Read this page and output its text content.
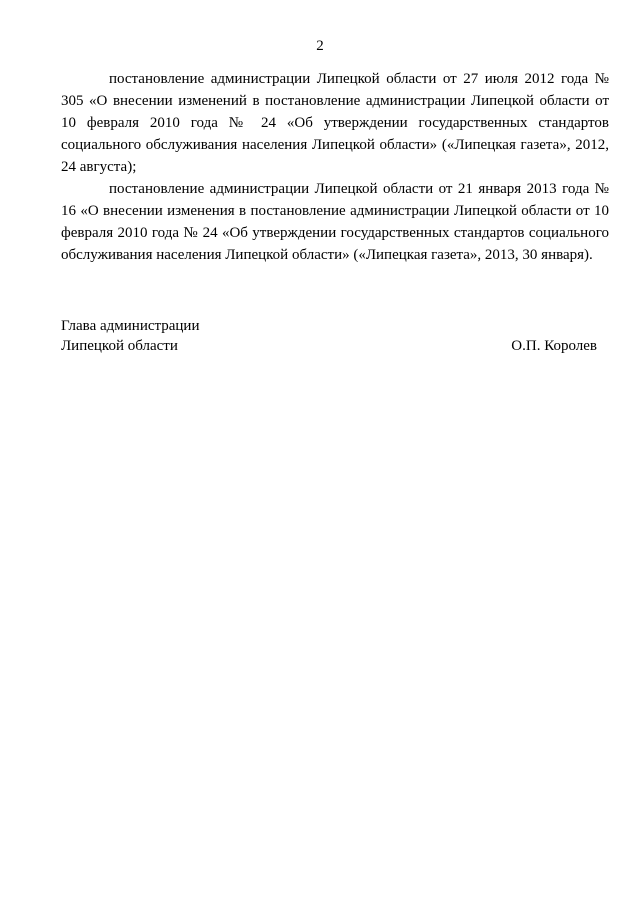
2

постановление администрации Липецкой области от 27 июля 2012 года № 305 «О внесении изменений в постановление администрации Липецкой области от 10 февраля 2010 года № 24 «Об утверждении государственных стандартов социального обслуживания населения Липецкой области» («Липецкая газета», 2012, 24 августа);

постановление администрации Липецкой области от 21 января 2013 года № 16 «О внесении изменения в постановление администрации Липецкой области от 10 февраля 2010 года № 24 «Об утверждении государственных стандартов социального обслуживания населения Липецкой области» («Липецкая газета», 2013, 30 января).

Глава администрации
Липецкой области	О.П. Королев
